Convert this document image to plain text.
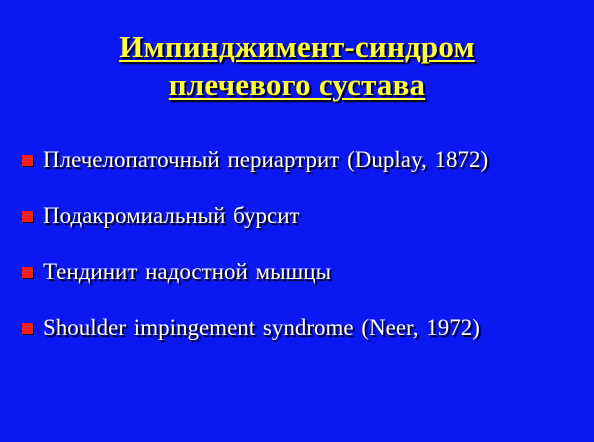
Импинджимент-синдром
плечевого сустава
Плечелопаточный периартрит (Duplay, 1872)
Подакромиальный бурсит
Тендинит надостной мышцы
Shoulder impingement syndrome (Neer, 1972)
